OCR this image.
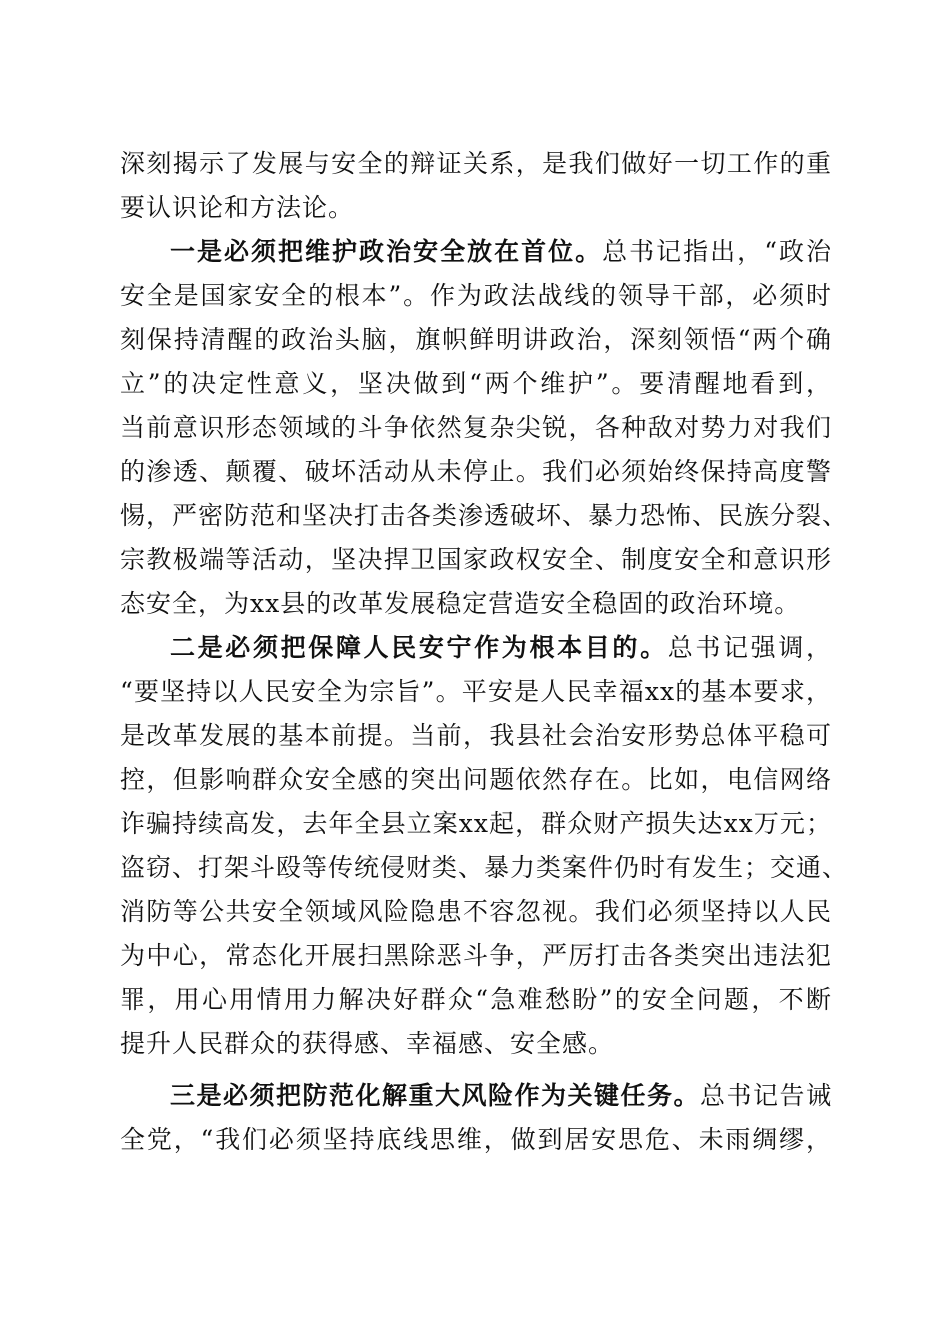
深刻揭示了发展与安全的辩证关系，是我们做好一切工作的重
要认识论和方法论。
一是必须把维护政治安全放在首位。总书记指出，“政治
安全是国家安全的根本”。作为政法战线的领导干部，必须时
刻保持清醒的政治头脑，旗帜鲜明讲政治，深刻领悟“两个确
立”的决定性意义，坚决做到“两个维护”。要清醒地看到，
当前意识形态领域的斗争依然复杂尖锐，各种敌对势力对我们
的渗透、颠覆、破坏活动从未停止。我们必须始终保持高度警
惕，严密防范和坚决打击各类渗透破坏、暴力恐怖、民族分裂、
宗教极端等活动，坚决捍卫国家政权安全、制度安全和意识形
态安全，为xx县的改革发展稳定营造安全稳固的政治环境。
二是必须把保障人民安宁作为根本目的。总书记强调，
“要坚持以人民安全为宗旨”。平安是人民幸福xx的基本要求，
是改革发展的基本前提。当前，我县社会治安形势总体平稳可
控，但影响群众安全感的突出问题依然存在。比如，电信网络
诈骗持续高发，去年全县立案xx起，群众财产损失达xx万元；
盗窃、打架斗殴等传统侵财类、暴力类案件仍时有发生；交通、
消防等公共安全领域风险隐患不容忽视。我们必须坚持以人民
为中心，常态化开展扫黑除恶斗争，严厉打击各类突出违法犯
罪，用心用情用力解决好群众“急难愁盼”的安全问题，不断
提升人民群众的获得感、幸福感、安全感。
三是必须把防范化解重大风险作为关键任务。总书记告诫
全党，“我们必须坚持底线思维，做到居安思危、未雨绸缪，
